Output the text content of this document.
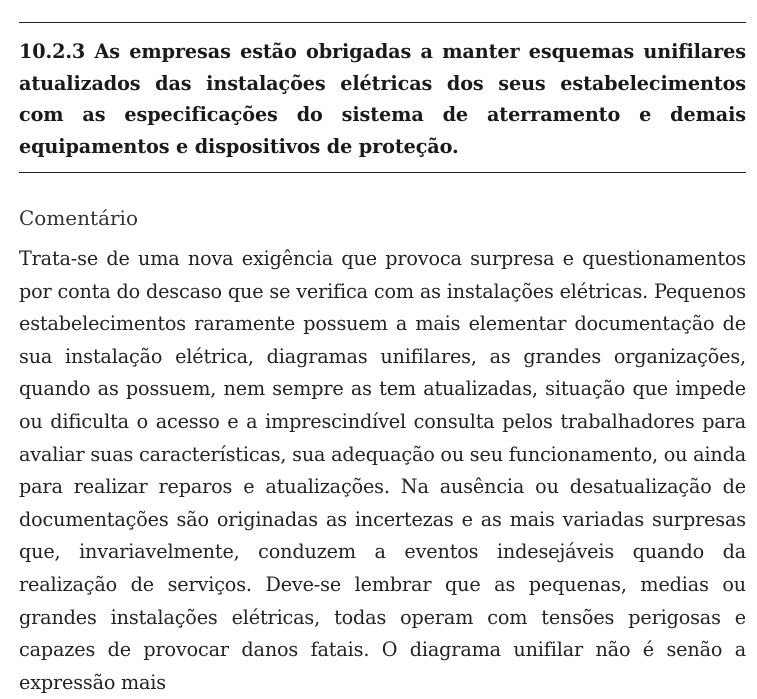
10.2.3 As empresas estão obrigadas a manter esquemas unifilares atualizados das instalações elétricas dos seus estabelecimentos com as especificações do sistema de aterramento e demais equipamentos e dispositivos de proteção.

Comentário

Trata-se de uma nova exigência que provoca surpresa e questionamentos por conta do descaso que se verifica com as instalações elétricas. Pequenos estabelecimentos raramente possuem a mais elementar documentação de sua instalação elétrica, diagramas unifilares, as grandes organizações, quando as possuem, nem sempre as tem atualizadas, situação que impede ou dificulta o acesso e a imprescindível consulta pelos trabalhadores para avaliar suas características, sua adequação ou seu funcionamento, ou ainda para realizar reparos e atualizações. Na ausência ou desatualização de documentações são originadas as incertezas e as mais variadas surpresas que, invariavelmente, conduzem a eventos indesejáveis quando da realização de serviços. Deve-se lembrar que as pequenas, medias ou grandes instalações elétricas, todas operam com tensões perigosas e capazes de provocar danos fatais. O diagrama unifilar não é senão a expressão mais
